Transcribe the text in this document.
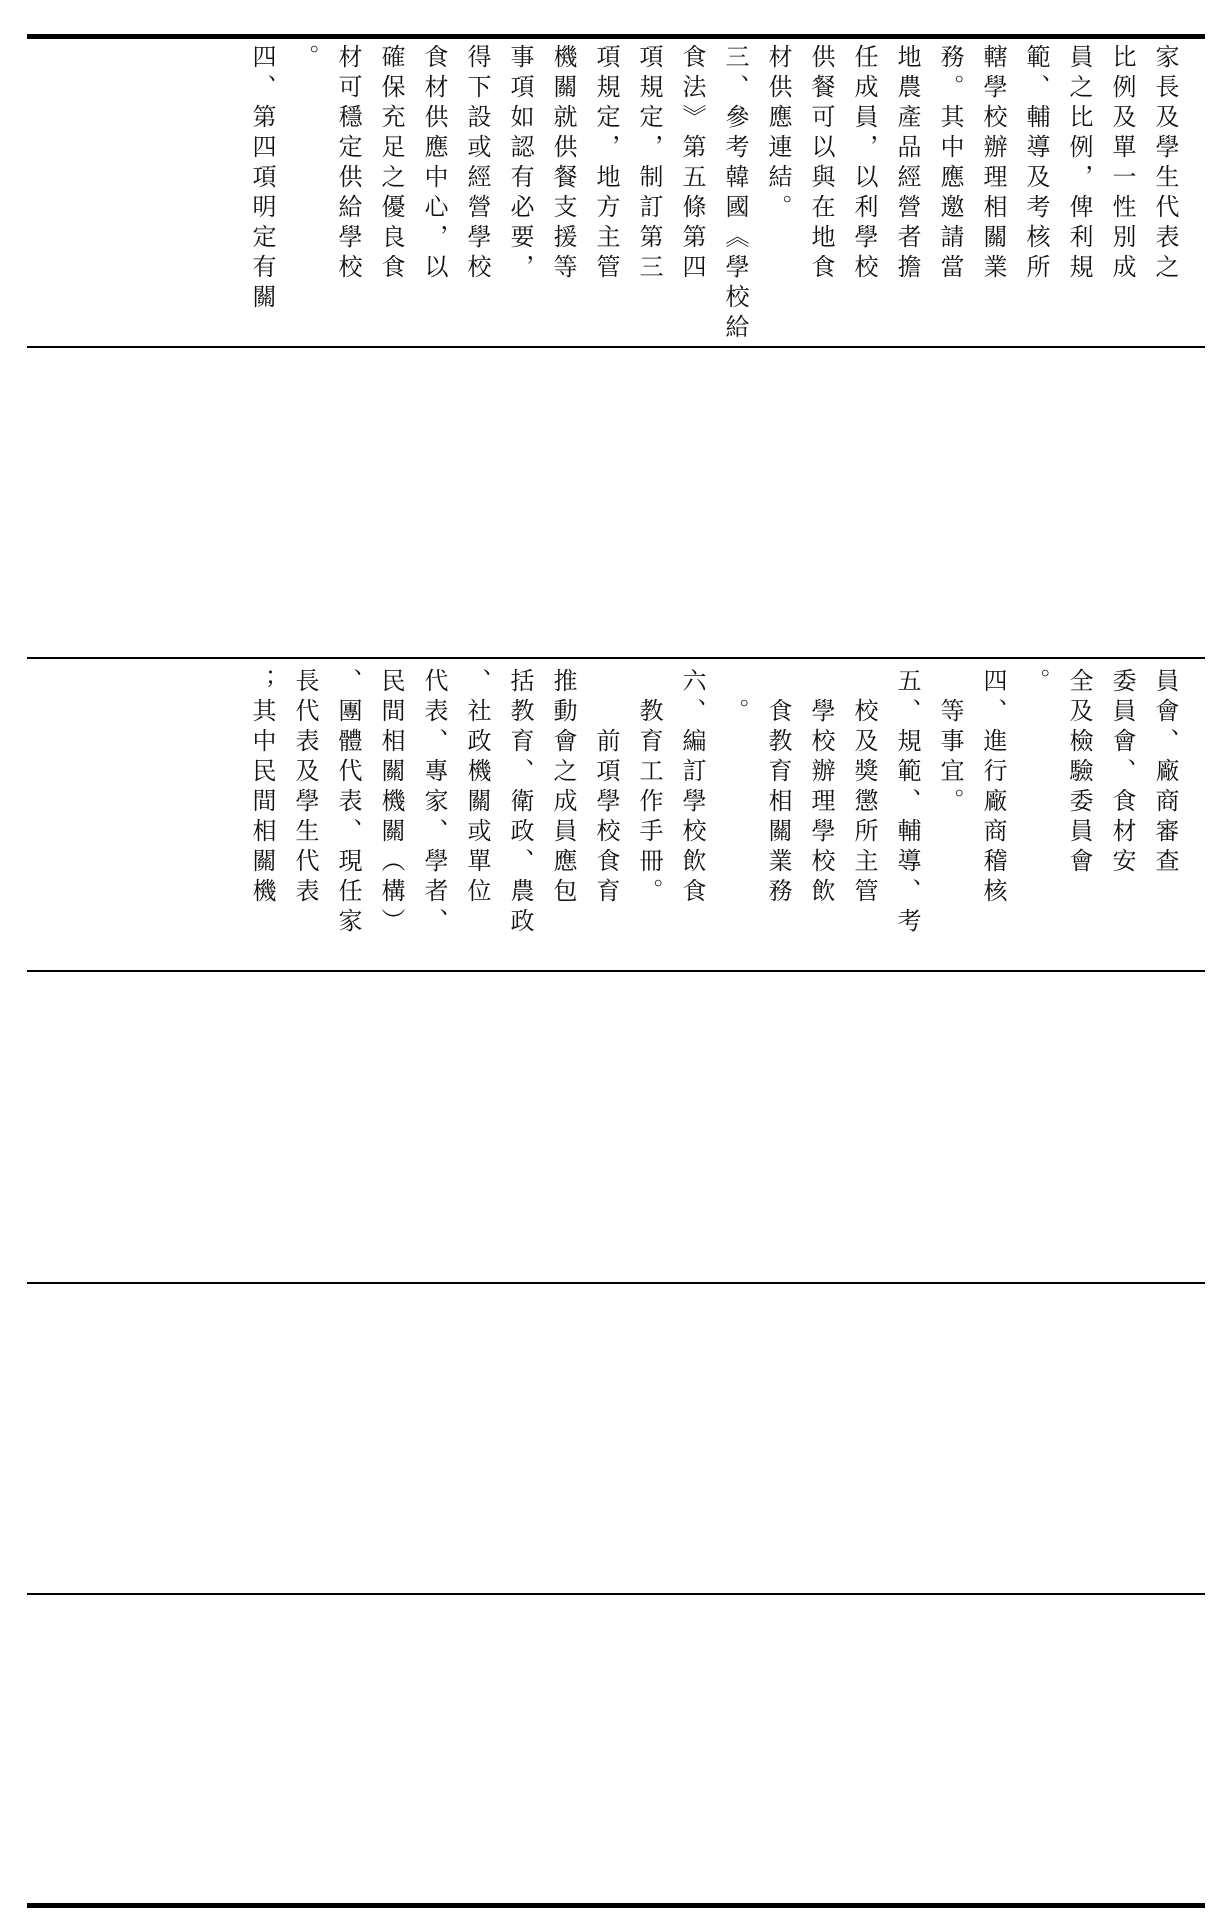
家長及學生代表之
比例及單一性別成
員之比例，俾利規
範、輔導及考核所
轄學校辦理相關業
務。其中應邀請當
地農產品經營者擔
任成員，以利學校
供餐可以與在地食
材供應連結。
三、參考韓國《學校給
食法》第五條第四
項規定，制訂第三
項規定，地方主管
機關就供餐支援等
事項如認有必要，
得下設或經營學校
食材供應中心，以
確保充足之優良食
材可穩定供給學校
。
四、第四項明定有關
員會、廠商審查
委員會、食材安
全及檢驗委員會
。
四、進行廠商稽核
　等事宜。
五、規範、輔導、考
　校及獎懲所主管
　學校辦理學校飲
　食教育相關業務
　。
六、編訂學校飲食
　教育工作手冊。
　　前項學校食育
推動會之成員應包
括教育、衛政、農政
、社政機關或單位
代表、專家、學者、
民間相關機關（構）
、團體代表、現任家
長代表及學生代表
；其中民間相關機
